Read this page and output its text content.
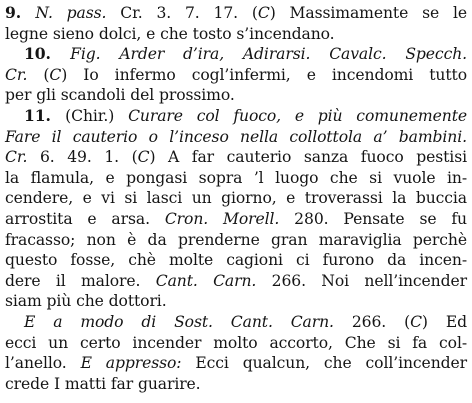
9. N. pass. Cr. 3. 7. 17. (C) Massimamente se le
legne sieno dolci, e che tosto s’incendano.
10. Fig. Arder d’ira, Adirarsi. Cavalc. Specch.
Cr. (C) Io infermo cogl’infermi, e incendomi tutto
per gli scandoli del prossimo.
11. (Chir.) Curare col fuoco, e più comunemente
Fare il cauterio o l’inceso nella collottola a’ bambini.
Cr. 6. 49. 1. (C) A far cauterio sanza fuoco pestisi
la flamula, e pongasi sopra ’l luogo che si vuole in-
cendere, e vi si lasci un giorno, e troverassi la buccia
arrostita e arsa. Cron. Morell. 280. Pensate se fu
fracasso; non è da prenderne gran maraviglia perchè
questo fosse, chè molte cagioni ci furono da incen-
dere il malore. Cant. Carn. 266. Noi nell’incender
siam più che dottori.
E a modo di Sost. Cant. Carn. 266. (C) Ed
ecci un certo incender molto accorto, Che si fa col-
l’anello. E appresso: Ecci qualcun, che coll’incender
crede I matti far guarire.
